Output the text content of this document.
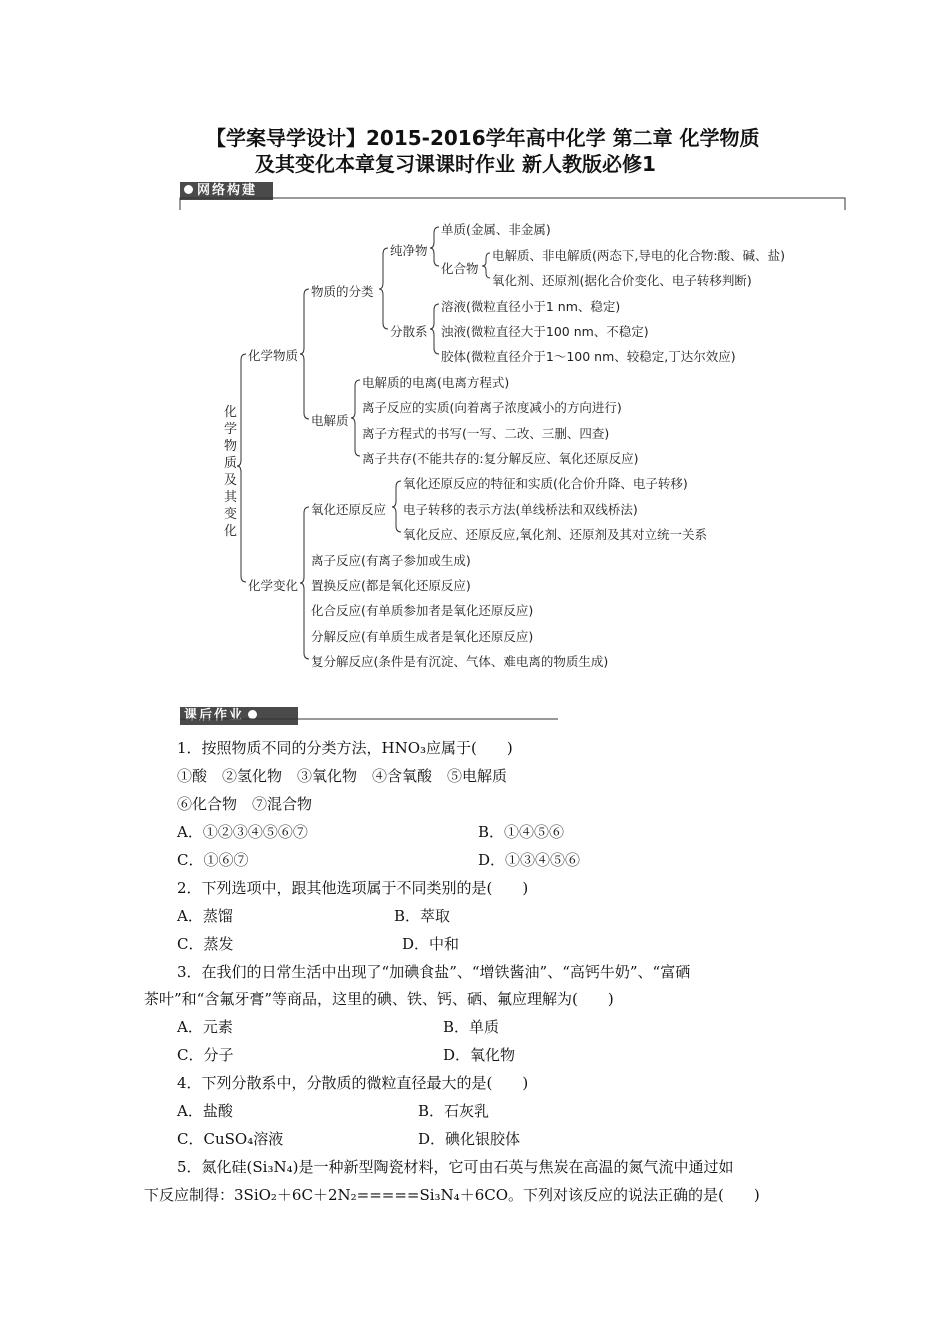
【学案导学设计】2015-2016学年高中化学 第二章 化学物质
及其变化本章复习课课时作业 新人教版必修1
网络构建
化学物质及其变化
化学物质
物质的分类
纯净物
单质(金属、非金属)
化合物
电解质、非电解质(两态下,导电的化合物:酸、碱、盐)
氧化剂、还原剂(据化合价变化、电子转移判断)
分散系
溶液(微粒直径小于1 nm、稳定)
浊液(微粒直径大于100 nm、不稳定)
胶体(微粒直径介于1～100 nm、较稳定,丁达尔效应)
电解质
电解质的电离(电离方程式)
离子反应的实质(向着离子浓度减小的方向进行)
离子方程式的书写(一写、二改、三删、四查)
离子共存(不能共存的:复分解反应、氧化还原反应)
化学变化
氧化还原反应
氧化还原反应的特征和实质(化合价升降、电子转移)
电子转移的表示方法(单线桥法和双线桥法)
氧化反应、还原反应,氧化剂、还原剂及其对立统一关系
离子反应(有离子参加或生成)
置换反应(都是氧化还原反应)
化合反应(有单质参加者是氧化还原反应)
分解反应(有单质生成者是氧化还原反应)
复分解反应(条件是有沉淀、气体、难电离的物质生成)
课后作业
1．按照物质不同的分类方法，HNO₃应属于(　　)
①酸　②氢化物　③氧化物　④含氧酸　⑤电解质
⑥化合物　⑦混合物
A．①②③④⑤⑥⑦	B．①④⑤⑥
C．①⑥⑦	D．①③④⑤⑥
2．下列选项中，跟其他选项属于不同类别的是(　　)
A．蒸馏	B．萃取
C．蒸发	D．中和
3．在我们的日常生活中出现了“加碘食盐”、“增铁酱油”、“高钙牛奶”、“富硒
茶叶”和“含氟牙膏”等商品，这里的碘、铁、钙、硒、氟应理解为(　　)
A．元素	B．单质
C．分子	D．氧化物
4．下列分散系中，分散质的微粒直径最大的是(　　)
A．盐酸	B．石灰乳
C．CuSO₄溶液	D．碘化银胶体
5．氮化硅(Si₃N₄)是一种新型陶瓷材料，它可由石英与焦炭在高温的氮气流中通过如
下反应制得：3SiO₂＋6C＋2N₂=====Si₃N₄＋6CO。下列对该反应的说法正确的是(　　)
